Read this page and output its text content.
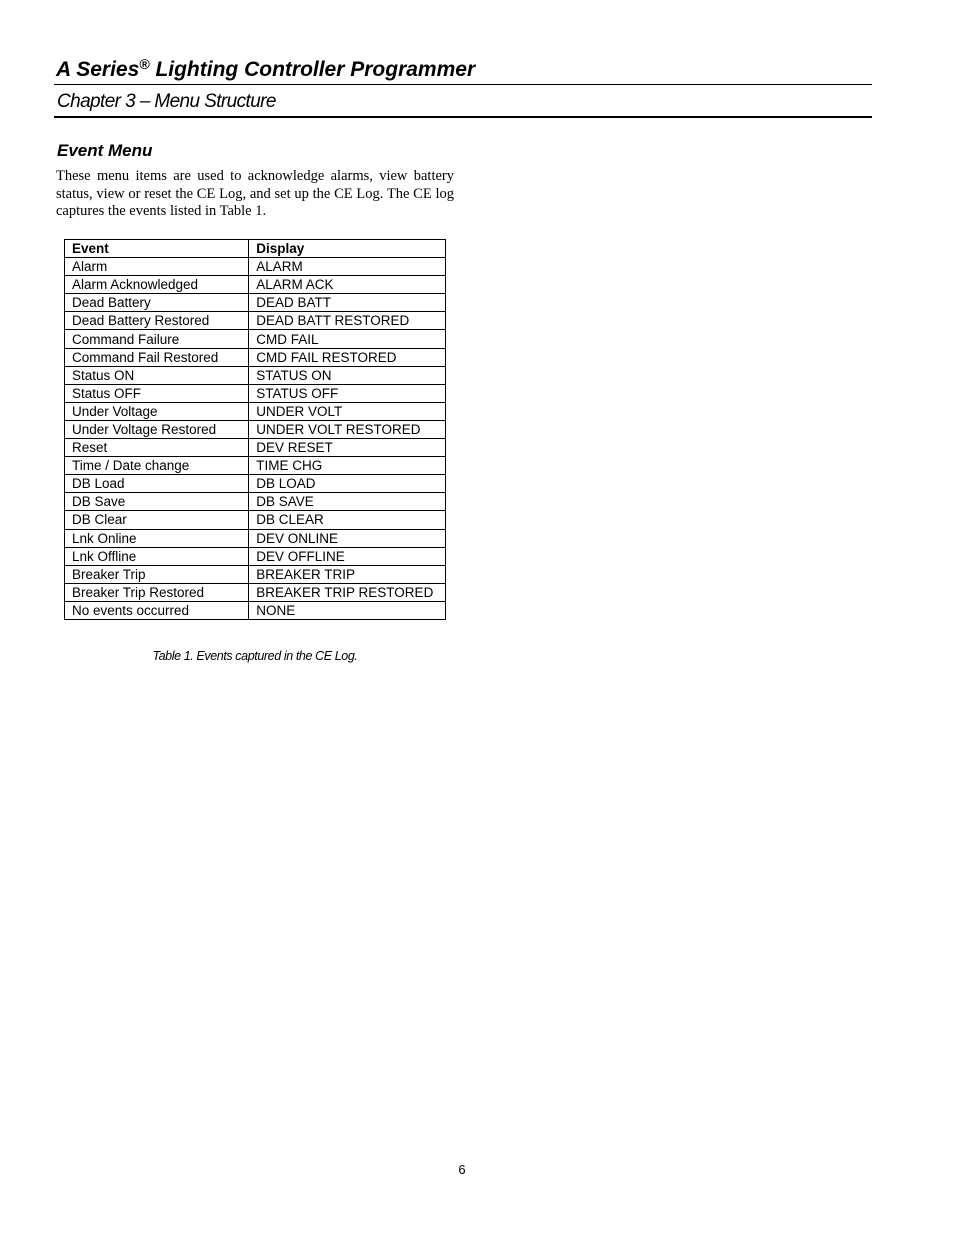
A Series® Lighting Controller Programmer
Chapter 3 – Menu Structure
Event Menu

These menu items are used to acknowledge alarms, view battery status, view or reset the CE Log, and set up the CE Log. The CE log captures the events listed in Table 1.

Event	Display
Alarm	ALARM
Alarm Acknowledged	ALARM ACK
Dead Battery	DEAD BATT
Dead Battery Restored	DEAD BATT RESTORED
Command Failure	CMD FAIL
Command Fail Restored	CMD FAIL RESTORED
Status ON	STATUS ON
Status OFF	STATUS OFF
Under Voltage	UNDER VOLT
Under Voltage Restored	UNDER VOLT RESTORED
Reset	DEV RESET
Time / Date change	TIME CHG
DB Load	DB LOAD
DB Save	DB SAVE
DB Clear	DB CLEAR
Lnk Online	DEV ONLINE
Lnk Offline	DEV OFFLINE
Breaker Trip	BREAKER TRIP
Breaker Trip Restored	BREAKER TRIP RESTORED
No events occurred	NONE
Table 1. Events captured in the CE Log.
6
